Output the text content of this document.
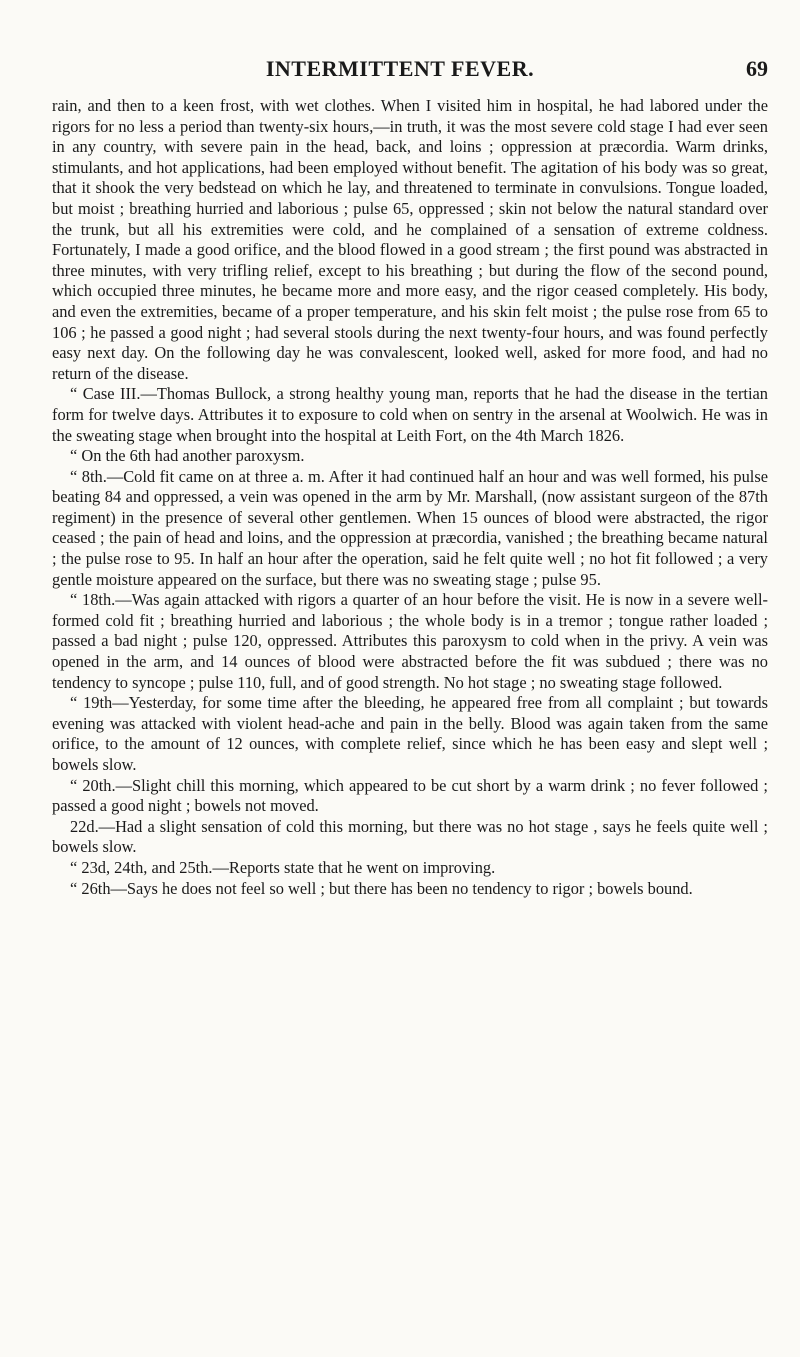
INTERMITTENT FEVER.	69

rain, and then to a keen frost, with wet clothes. When I visited him in hospital, he had labored under the rigors for no less a period than twenty-six hours,—in truth, it was the most severe cold stage I had ever seen in any country, with severe pain in the head, back, and loins ; oppression at præcordia. Warm drinks, stimulants, and hot applications, had been employed without benefit. The agitation of his body was so great, that it shook the very bedstead on which he lay, and threatened to terminate in convulsions. Tongue loaded, but moist ; breathing hurried and laborious ; pulse 65, oppressed ; skin not below the natural standard over the trunk, but all his extremities were cold, and he complained of a sensation of extreme coldness. Fortunately, I made a good orifice, and the blood flowed in a good stream ; the first pound was abstracted in three minutes, with very trifling relief, except to his breathing ; but during the flow of the second pound, which occupied three minutes, he became more and more easy, and the rigor ceased completely. His body, and even the extremities, became of a proper temperature, and his skin felt moist ; the pulse rose from 65 to 106 ; he passed a good night ; had several stools during the next twenty-four hours, and was found perfectly easy next day. On the following day he was convalescent, looked well, asked for more food, and had no return of the disease.

“ Case III.—Thomas Bullock, a strong healthy young man, reports that he had the disease in the tertian form for twelve days. Attributes it to exposure to cold when on sentry in the arsenal at Woolwich. He was in the sweating stage when brought into the hospital at Leith Fort, on the 4th March 1826.

“ On the 6th had another paroxysm.

“ 8th.—Cold fit came on at three a. m. After it had continued half an hour and was well formed, his pulse beating 84 and oppressed, a vein was opened in the arm by Mr. Marshall, (now assistant surgeon of the 87th regiment) in the presence of several other gentlemen. When 15 ounces of blood were abstracted, the rigor ceased ; the pain of head and loins, and the oppression at præcordia, vanished ; the breathing became natural ; the pulse rose to 95. In half an hour after the operation, said he felt quite well ; no hot fit followed ; a very gentle moisture appeared on the surface, but there was no sweating stage ; pulse 95.

“ 18th.—Was again attacked with rigors a quarter of an hour before the visit. He is now in a severe well-formed cold fit ; breathing hurried and laborious ; the whole body is in a tremor ; tongue rather loaded ; passed a bad night ; pulse 120, oppressed. Attributes this paroxysm to cold when in the privy. A vein was opened in the arm, and 14 ounces of blood were abstracted before the fit was subdued ; there was no tendency to syncope ; pulse 110, full, and of good strength. No hot stage ; no sweating stage followed.

“ 19th—Yesterday, for some time after the bleeding, he appeared free from all complaint ; but towards evening was attacked with violent head-ache and pain in the belly. Blood was again taken from the same orifice, to the amount of 12 ounces, with complete relief, since which he has been easy and slept well ; bowels slow.

“ 20th.—Slight chill this morning, which appeared to be cut short by a warm drink ; no fever followed ; passed a good night ; bowels not moved.

22d.—Had a slight sensation of cold this morning, but there was no hot stage , says he feels quite well ; bowels slow.

“ 23d, 24th, and 25th.—Reports state that he went on improving.

“ 26th—Says he does not feel so well ; but there has been no tendency to rigor ; bowels bound.
